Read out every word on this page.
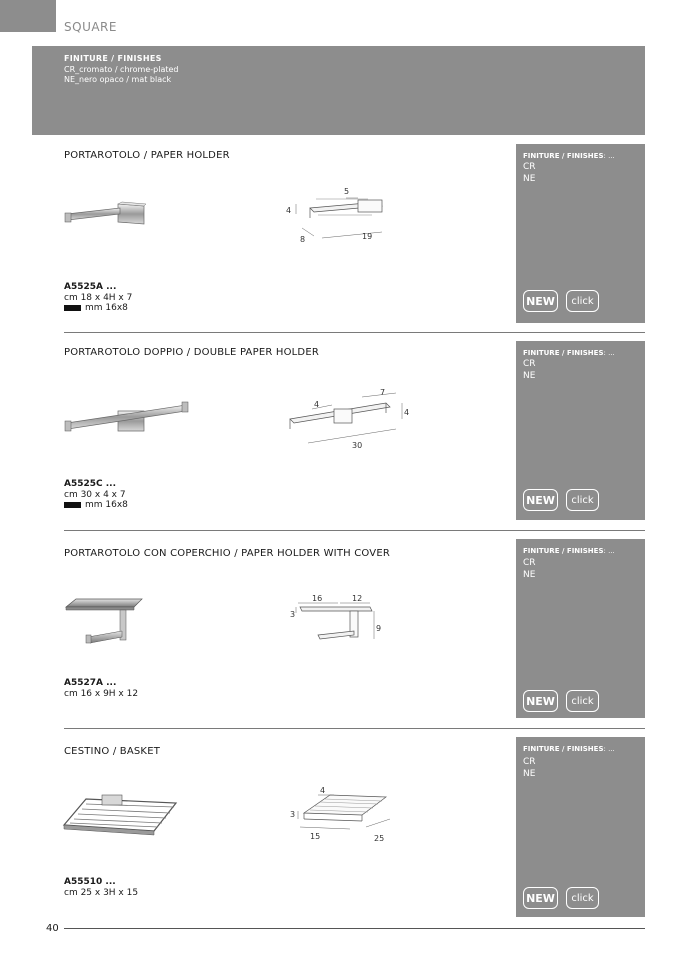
SQUARE
FINITURE / FINISHES
CR_cromato / chrome-plated
NE_nero opaco / mat black
PORTAROTOLO / PAPER HOLDER
5
4
8	19
A5525A ...
cm 18 x 4H x 7
mm 16x8
FINITURE / FINISHES: ...
CR
NE
NEW	click
PORTAROTOLO DOPPIO / DOUBLE PAPER HOLDER
7
4
4
30
A5525C ...
cm 30 x 4 x 7
mm 16x8
FINITURE / FINISHES: ...
CR
NE
NEW	click
PORTAROTOLO CON COPERCHIO / PAPER HOLDER WITH COVER
16	12
3
9
A5527A ...
cm 16 x 9H x 12
FINITURE / FINISHES: ...
CR
NE
NEW	click
CESTINO / BASKET
4
3
15	25
A55510 ...
cm 25 x 3H x 15
FINITURE / FINISHES: ...
CR
NE
NEW	click
40
